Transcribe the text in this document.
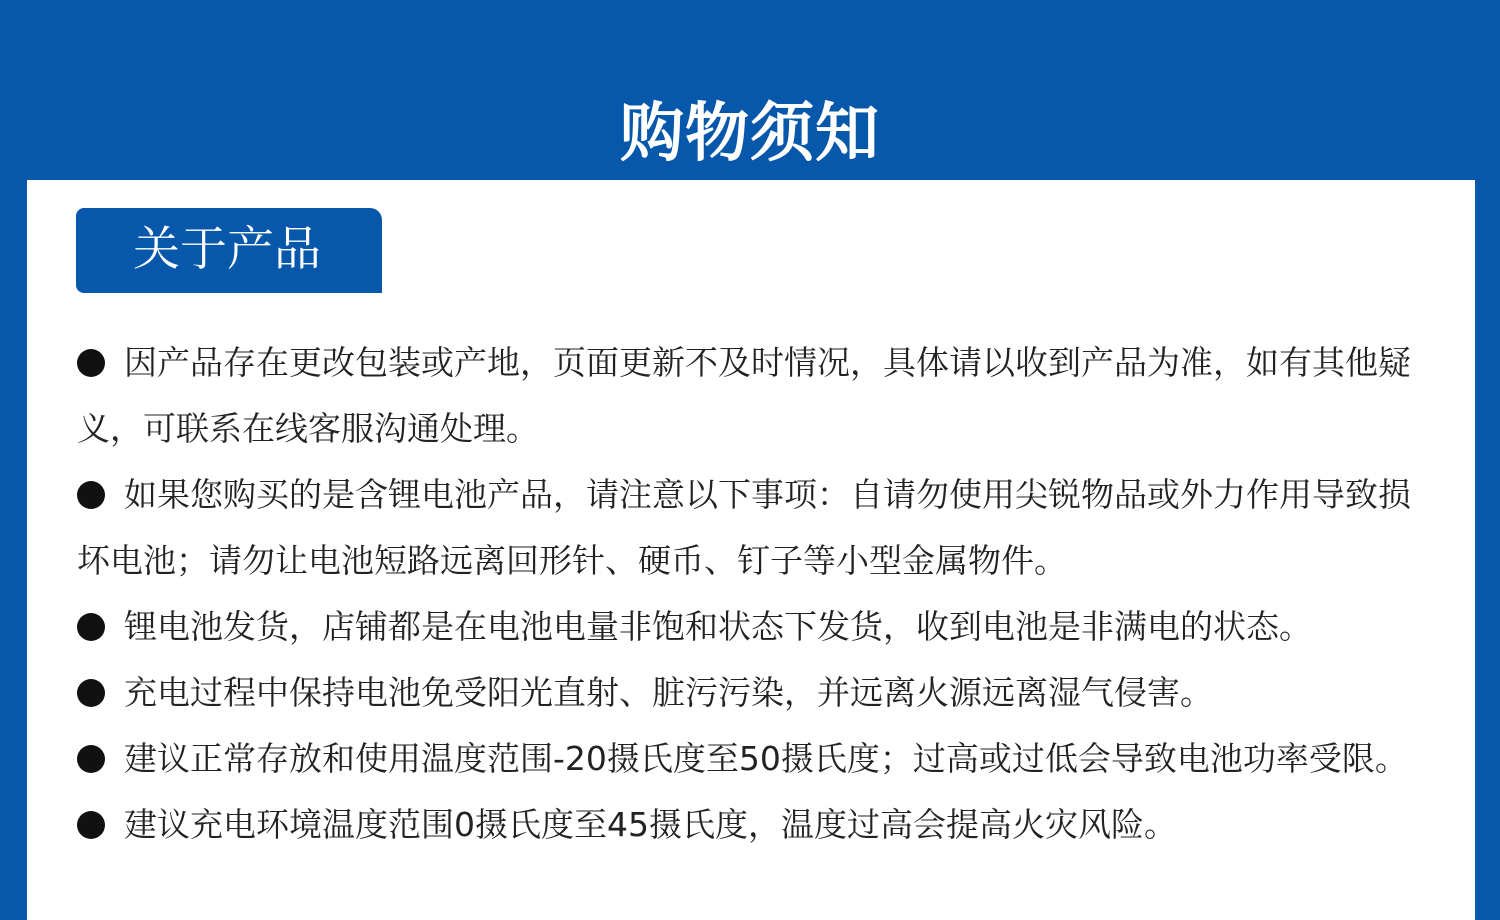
购物须知
关于产品
因产品存在更改包装或产地，页面更新不及时情况，具体请以收到产品为准，如有其他疑义，可联系在线客服沟通处理。
如果您购买的是含锂电池产品，请注意以下事项：自请勿使用尖锐物品或外力作用导致损坏电池；请勿让电池短路远离回形针、硬币、钉子等小型金属物件。
锂电池发货，店铺都是在电池电量非饱和状态下发货，收到电池是非满电的状态。
充电过程中保持电池免受阳光直射、脏污污染，并远离火源远离湿气侵害。
建议正常存放和使用温度范围-20摄氏度至50摄氏度；过高或过低会导致电池功率受限。
建议充电环境温度范围0摄氏度至45摄氏度，温度过高会提高火灾风险。
